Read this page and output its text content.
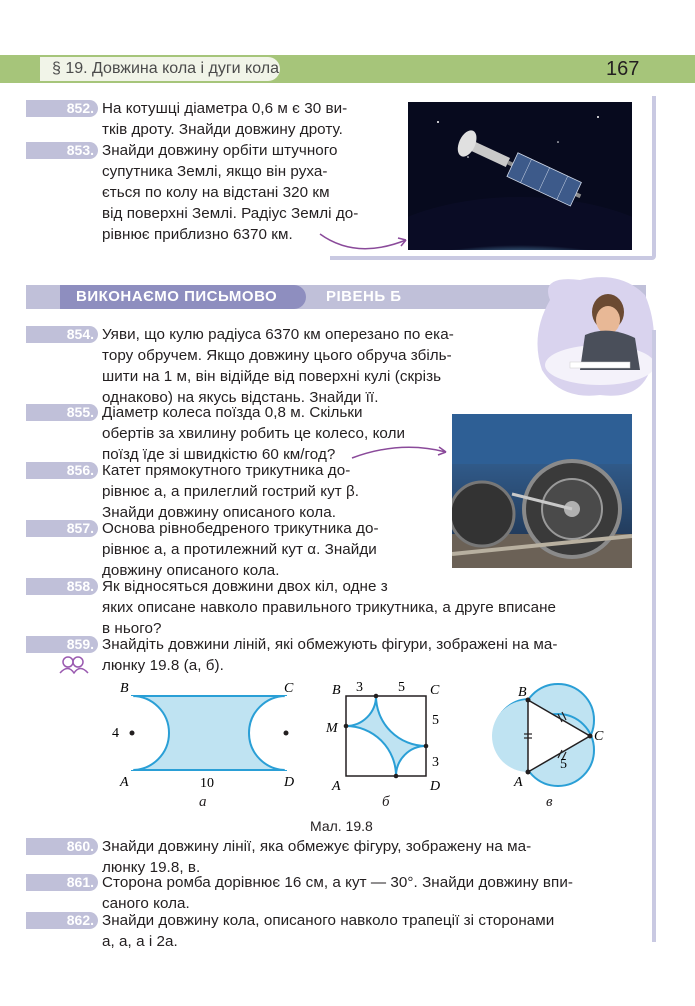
§ 19. Довжина кола і дуги кола	167
852. На котушці діаметра 0,6 м є 30 ви-
тків дроту. Знайди довжину дроту.
853. Знайди довжину орбіти штучного
супутника Землі, якщо він руха-
ється по колу на відстані 320 км
від поверхні Землі. Радіус Землі до-
рівнює приблизно 6370 км.
ВИКОНАЄМО ПИСЬМОВО	РІВЕНЬ Б
854. Уяви, що кулю радіуса 6370 км оперезано по ека-
тору обручем. Якщо довжину цього обруча збіль-
шити на 1 м, він відійде від поверхні кулі (скрізь
однаково) на якусь відстань. Знайди її.
855. Діаметр колеса поїзда 0,8 м. Скільки
обертів за хвилину робить це колесо, коли
поїзд їде зі швидкістю 60 км/год?
856. Катет прямокутного трикутника до-
рівнює a, а прилеглий гострий кут β.
Знайди довжину описаного кола.
857. Основа рівнобедреного трикутника до-
рівнює a, а протилежний кут α. Знайди
довжину описаного кола.
858. Як відносяться довжини двох кіл, одне з
яких описане навколо правильного трикутника, а друге вписане
в нього?
859. Знайдіть довжини ліній, які обмежують фігури, зображені на ма-
люнку 19.8 (а, б).
B	C
A	D
4
10
а
B	C
A	D
M
3	5
5
3
б
B
C
A
5
в
Мал. 19.8
860. Знайди довжину лінії, яка обмежує фігуру, зображену на ма-
люнку 19.8, в.
861. Сторона ромба дорівнює 16 см, а кут — 30°. Знайди довжину впи-
саного кола.
862. Знайди довжину кола, описаного навколо трапеції зі сторонами
a, a, a і 2a.
